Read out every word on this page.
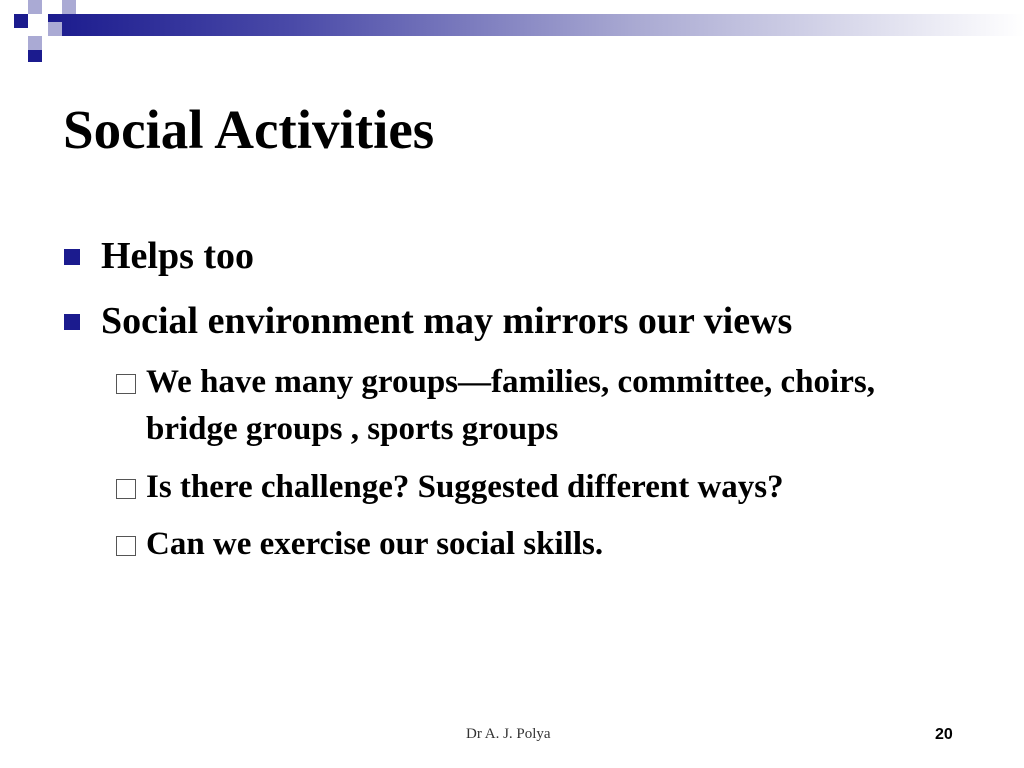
Social Activities
Helps too
Social environment may mirrors our views
We have many groups—families, committee, choirs, bridge groups , sports groups
Is there challenge? Suggested different ways?
Can we exercise our social skills.
Dr A. J. Polya	20
